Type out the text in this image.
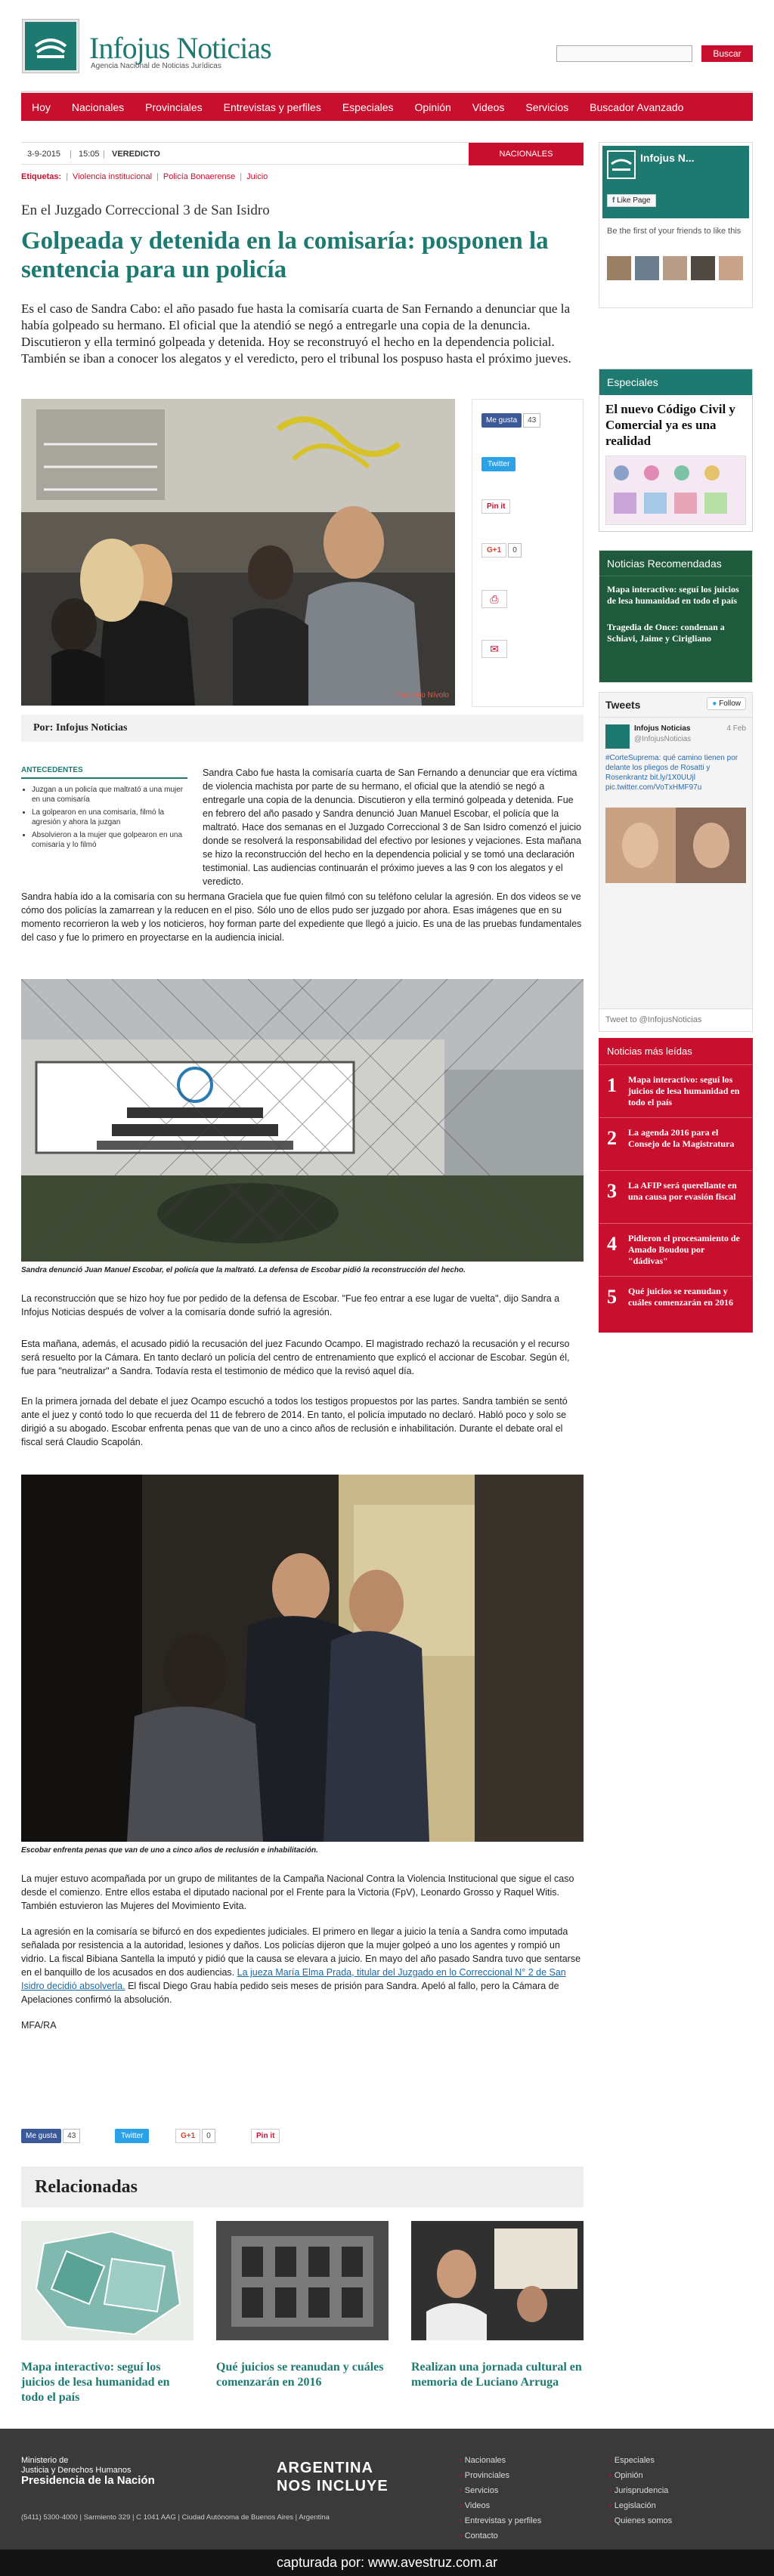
Infojus Noticias
Agencia Nacional de Noticias Jurídicas
Buscar
Hoy	Nacionales	Provinciales	Entrevistas y perfiles	Especiales	Opinión	Videos	Servicios	Buscador Avanzado
3-9-2015 | 15:05 | VEREDICTO	NACIONALES
Etiquetas: | Violencia institucional | Policía Bonaerense | Juicio
En el Juzgado Correccional 3 de San Isidro
Golpeada y detenida en la comisaría: posponen la sentencia para un policía
Es el caso de Sandra Cabo: el año pasado fue hasta la comisaría cuarta de San Fernando a denunciar que la había golpeado su hermano. El oficial que la atendió se negó a entregarle una copia de la denuncia. Discutieron y ella terminó golpeada y detenida. Hoy se reconstruyó el hecho en la dependencia policial. También se iban a conocer los alegatos y el veredicto, pero el tribunal los pospuso hasta el próximo jueves.
Facundo Nívolo
Me gusta 43
Twitter
Pin it
G+1 0
⎙
✉
Por: Infojus Noticias
ANTECEDENTES
• Juzgan a un policía que maltrató a una mujer en una comisaría
• La golpearon en una comisaría, filmó la agresión y ahora la juzgan
• Absolvieron a la mujer que golpearon en una comisaría y lo filmó
Sandra Cabo fue hasta la comisaría cuarta de San Fernando a denunciar que era víctima de violencia machista por parte de su hermano, el oficial que la atendió se negó a entregarle una copia de la denuncia. Discutieron y ella terminó golpeada y detenida. Fue en febrero del año pasado y Sandra denunció Juan Manuel Escobar, el policía que la maltrató. Hace dos semanas en el Juzgado Correccional 3 de San Isidro comenzó el juicio donde se resolverá la responsabilidad del efectivo por lesiones y vejaciones. Esta mañana se hizo la reconstrucción del hecho en la dependencia policial y se tomó una declaración testimonial. Las audiencias continuarán el próximo jueves a las 9 con los alegatos y el veredicto.
Sandra había ido a la comisaría con su hermana Graciela que fue quien filmó con su teléfono celular la agresión. En dos videos se ve cómo dos policías la zamarrean y la reducen en el piso. Sólo uno de ellos pudo ser juzgado por ahora. Esas imágenes que en su momento recorrieron la web y los noticieros, hoy forman parte del expediente que llegó a juicio. Es una de las pruebas fundamentales del caso y fue lo primero en proyectarse en la audiencia inicial.
Sandra denunció Juan Manuel Escobar, el policía que la maltrató. La defensa de Escobar pidió la reconstrucción del hecho.
La reconstrucción que se hizo hoy fue por pedido de la defensa de Escobar. "Fue feo entrar a ese lugar de vuelta", dijo Sandra a Infojus Noticias después de volver a la comisaría donde sufrió la agresión.
Esta mañana, además, el acusado pidió la recusación del juez Facundo Ocampo. El magistrado rechazó la recusación y el recurso será resuelto por la Cámara. En tanto declaró un policía del centro de entrenamiento que explicó el accionar de Escobar. Según él, fue para "neutralizar" a Sandra. Todavía resta el testimonio de médico que la revisó aquel día.
En la primera jornada del debate el juez Ocampo escuchó a todos los testigos propuestos por las partes. Sandra también se sentó ante el juez y contó todo lo que recuerda del 11 de febrero de 2014. En tanto, el policía imputado no declaró. Habló poco y solo se dirigió a su abogado. Escobar enfrenta penas que van de uno a cinco años de reclusión e inhabilitación. Durante el debate oral el fiscal será Claudio Scapolán.
Escobar enfrenta penas que van de uno a cinco años de reclusión e inhabilitación.
La mujer estuvo acompañada por un grupo de militantes de la Campaña Nacional Contra la Violencia Institucional que sigue el caso desde el comienzo. Entre ellos estaba el diputado nacional por el Frente para la Victoria (FpV), Leonardo Grosso y Raquel Witis. También estuvieron las Mujeres del Movimiento Evita.
La agresión en la comisaría se bifurcó en dos expedientes judiciales. El primero en llegar a juicio la tenía a Sandra como imputada señalada por resistencia a la autoridad, lesiones y daños. Los policías dijeron que la mujer golpeó a uno los agentes y rompió un vidrio. La fiscal Bibiana Santella la imputó y pidió que la causa se elevara a juicio. En mayo del año pasado Sandra tuvo que sentarse en el banquillo de los acusados en dos audiencias. La jueza María Elma Prada, titular del Juzgado en lo Correccional N° 2 de San Isidro decidió absolverla. El fiscal Diego Grau había pedido seis meses de prisión para Sandra. Apeló al fallo, pero la Cámara de Apelaciones confirmó la absolución.
MFA/RA
Me gusta 43	Twitter	G+1 0	Pin it
Relacionadas
Mapa interactivo: seguí los juicios de lesa humanidad en todo el país
Qué juicios se reanudan y cuáles comenzarán en 2016
Realizan una jornada cultural en memoria de Luciano Arruga
Infojus N...
f Like Page
Be the first of your friends to like this
Especiales
El nuevo Código Civil y Comercial ya es una realidad
Noticias Recomendadas

Mapa interactivo: seguí los juicios de lesa humanidad en todo el país

Tragedia de Once: condenan a Schiavi, Jaime y Cirigliano

Tweets	● Follow
Infojus Noticias	4 Feb
@InfojusNoticias
#CorteSuprema: qué camino tienen por delante los pliegos de Rosatti y Rosenkrantz bit.ly/1X0UUjl pic.twitter.com/VoTxHMF97u
Tweet to @InfojusNoticias
Noticias más leídas
1 Mapa interactivo: seguí los juicios de lesa humanidad en todo el país
2 La agenda 2016 para el Consejo de la Magistratura
3 La AFIP será querellante en una causa por evasión fiscal
4 Pidieron el procesamiento de Amado Boudou por "dádivas"
5 Qué juicios se reanudan y cuáles comenzarán en 2016
Ministerio de
Justicia y Derechos Humanos
Presidencia de la Nación
(5411) 5300-4000 | Sarmiento 329 | C 1041 AAG | Ciudad Autónoma de Buenos Aires | Argentina
ARGENTINA
NOS INCLUYE
› Nacionales
› Provinciales
› Servicios
› Videos
› Entrevistas y perfiles
› Contacto
› Especiales
› Opinión
› Jurisprudencia
› Legislación
› Quienes somos
capturada por: www.avestruz.com.ar
